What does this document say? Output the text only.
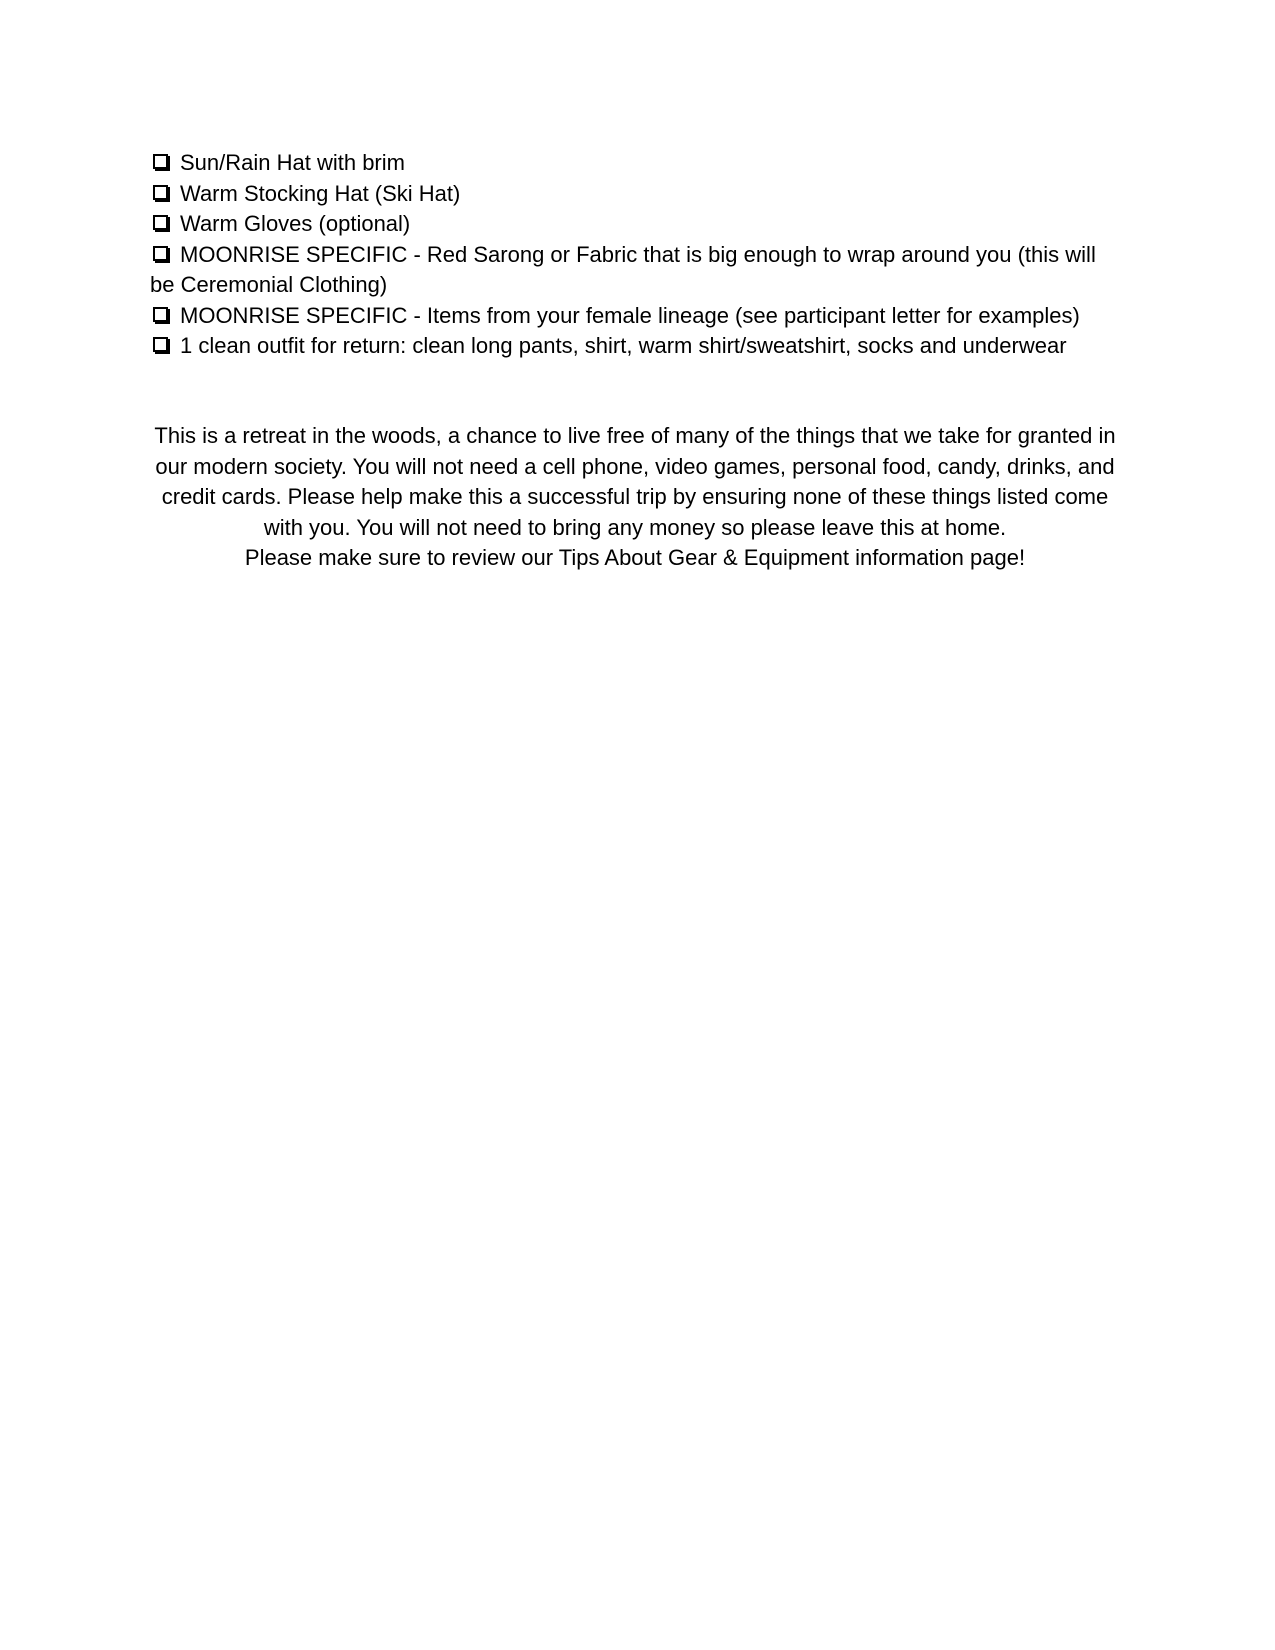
Sun/Rain Hat with brim
Warm Stocking Hat (Ski Hat)
Warm Gloves (optional)
MOONRISE SPECIFIC - Red Sarong or Fabric that is big enough to wrap around you (this will be Ceremonial Clothing)
MOONRISE SPECIFIC - Items from your female lineage (see participant letter for examples)
1 clean outfit for return: clean long pants, shirt, warm shirt/sweatshirt, socks and underwear

This is a retreat in the woods, a chance to live free of many of the things that we take for granted in our modern society. You will not need a cell phone, video games, personal food, candy, drinks, and credit cards. Please help make this a successful trip by ensuring none of these things listed come with you. You will not need to bring any money so please leave this at home.

Please make sure to review our Tips About Gear & Equipment information page!
